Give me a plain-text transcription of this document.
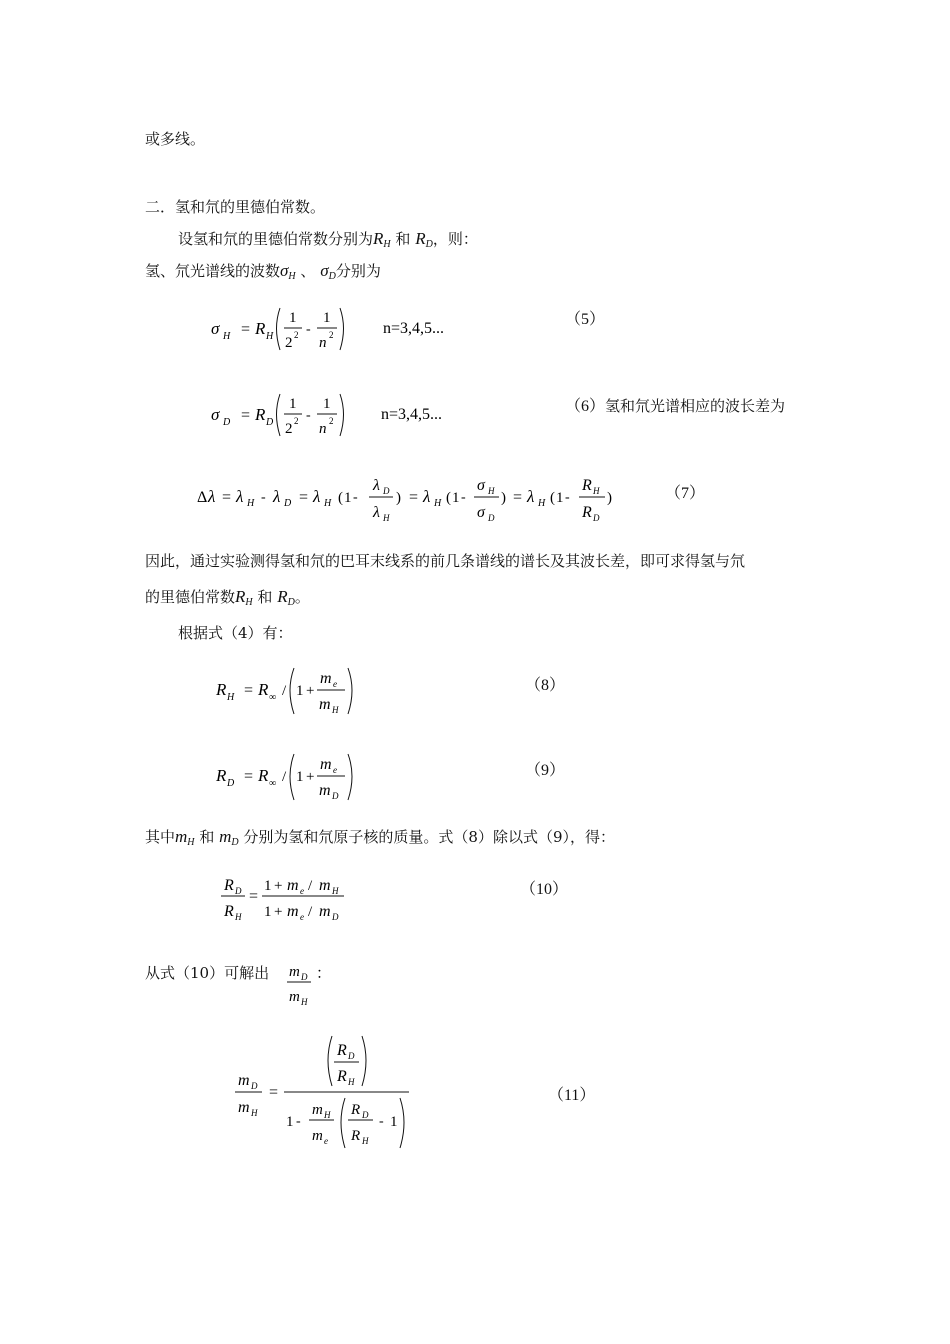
或多线。
二．氢和氘的里德伯常数。
设氢和氘的里德伯常数分别为$R_H$ 和 $R_D$，则：
氢、氘光谱线的波数$\sigma_H$ 、 $\sigma_D$分别为
σ H = R H
1
2 2 -
1
n 2	n=3,4,5...
（5）
σ D = R D
1
2 2 -
1
n 2	n=3,4,5...	（6）氢和氘光谱相应的波长差为
Δ λ = λ H - λ D = λ H ( 1 -
λ D
λ H
) = λ H ( 1 -
σ H
σ D
) = λ H ( 1 -
R H
R D
)	（7）
因此，通过实验测得氢和氘的巴耳末线系的前几条谱线的谱长及其波长差，即可求得氢与氘
的里德伯常数$R_H$ 和 $R_D$。
根据式（4）有：
R H = R ∞ / 1 +
m e
m H
（8）
R D = R ∞ / 1 +
m e
m D
（9）
其中$m_H$ 和 $m_D$ 分别为氢和氘原子核的质量。式（8）除以式（9），得：
R D
R H
=
1 + m e / m H
1 + m e / m D
（10）
从式（10）可解出 m D
m H
：
m D
m H
=
R D
R H
1 -
m H
m e
R D
R H
- 1
（11）
